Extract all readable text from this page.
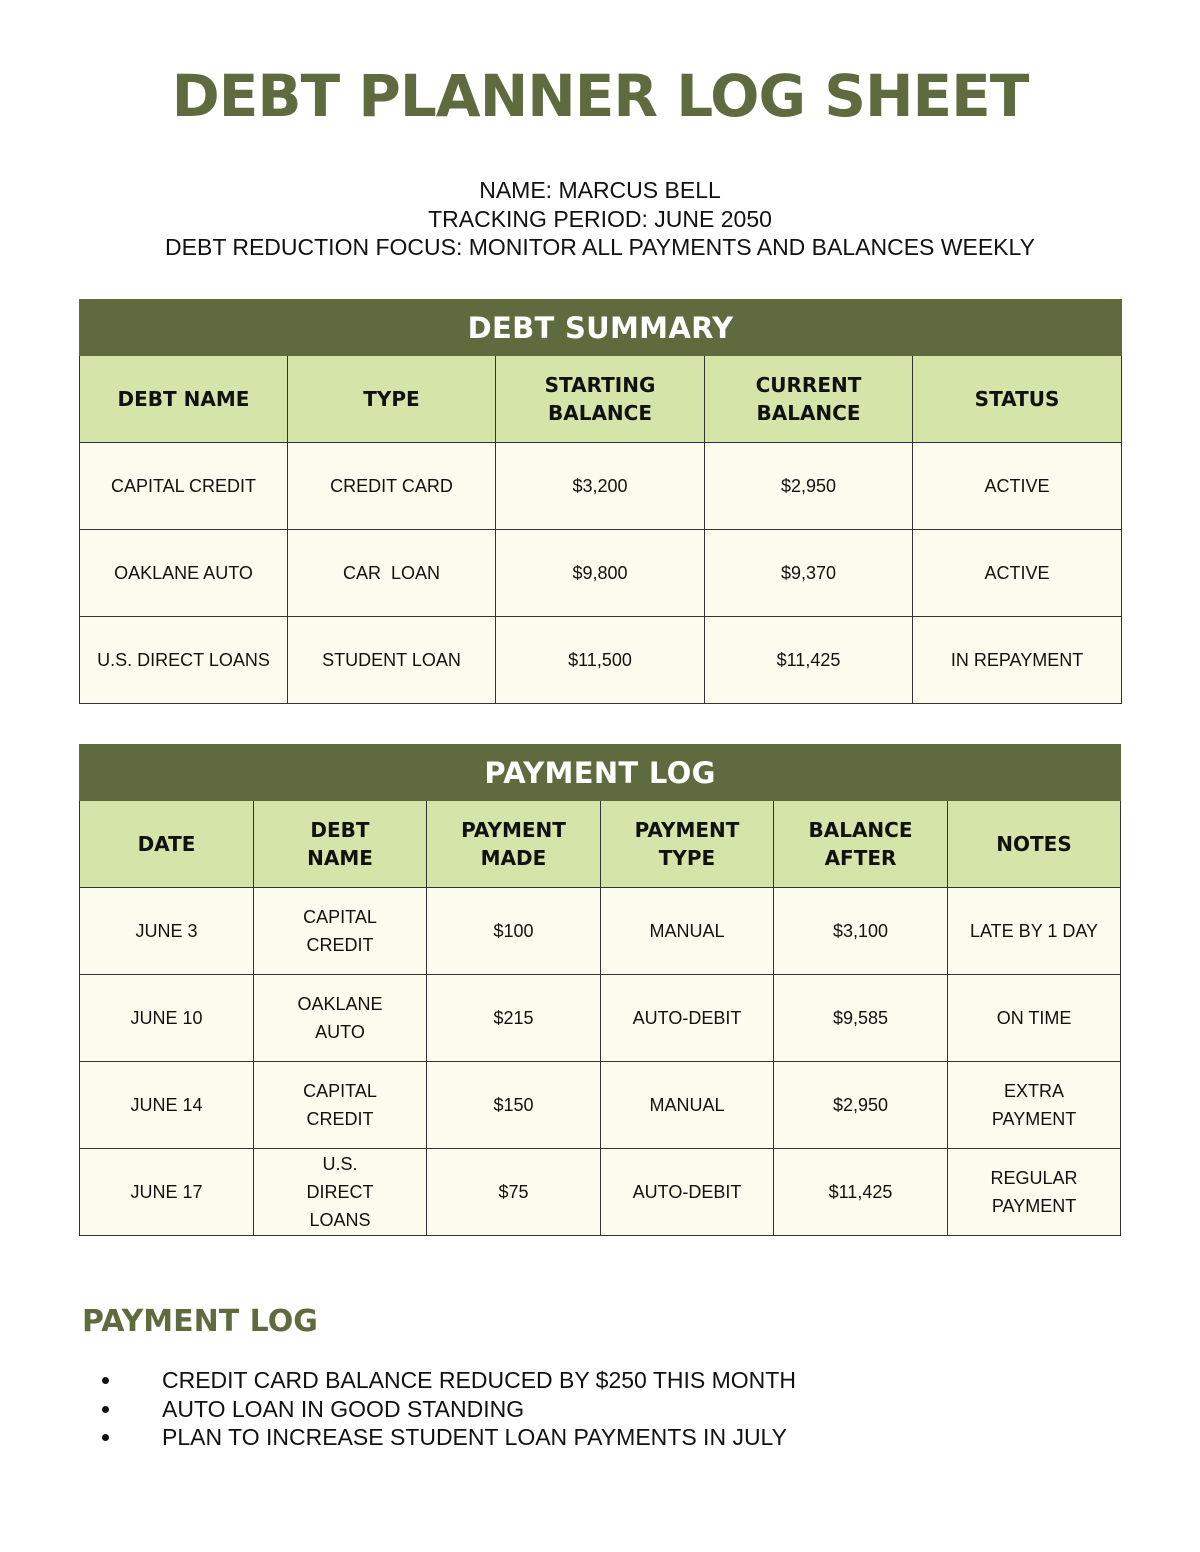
DEBT PLANNER LOG SHEET
NAME: MARCUS BELL
TRACKING PERIOD: JUNE 2050
DEBT REDUCTION FOCUS: MONITOR ALL PAYMENTS AND BALANCES WEEKLY
DEBT SUMMARY				
DEBT NAME	TYPE	STARTING BALANCE	CURRENT BALANCE	STATUS
CAPITAL CREDIT	CREDIT CARD	$3,200	$2,950	ACTIVE
OAKLANE AUTO	CAR  LOAN	$9,800	$9,370	ACTIVE
U.S. DIRECT LOANS	STUDENT LOAN	$11,500	$11,425	IN REPAYMENT
PAYMENT LOG					
DATE	DEBT NAME	PAYMENT MADE	PAYMENT TYPE	BALANCE AFTER	NOTES
JUNE 3	CAPITAL CREDIT	$100	MANUAL	$3,100	LATE BY 1 DAY
JUNE 10	OAKLANE AUTO	$215	AUTO-DEBIT	$9,585	ON TIME
JUNE 14	CAPITAL CREDIT	$150	MANUAL	$2,950	EXTRA PAYMENT
JUNE 17	U.S. DIRECT LOANS	$75	AUTO-DEBIT	$11,425	REGULAR PAYMENT
PAYMENT LOG
CREDIT CARD BALANCE REDUCED BY $250 THIS MONTH
AUTO LOAN IN GOOD STANDING
PLAN TO INCREASE STUDENT LOAN PAYMENTS IN JULY
